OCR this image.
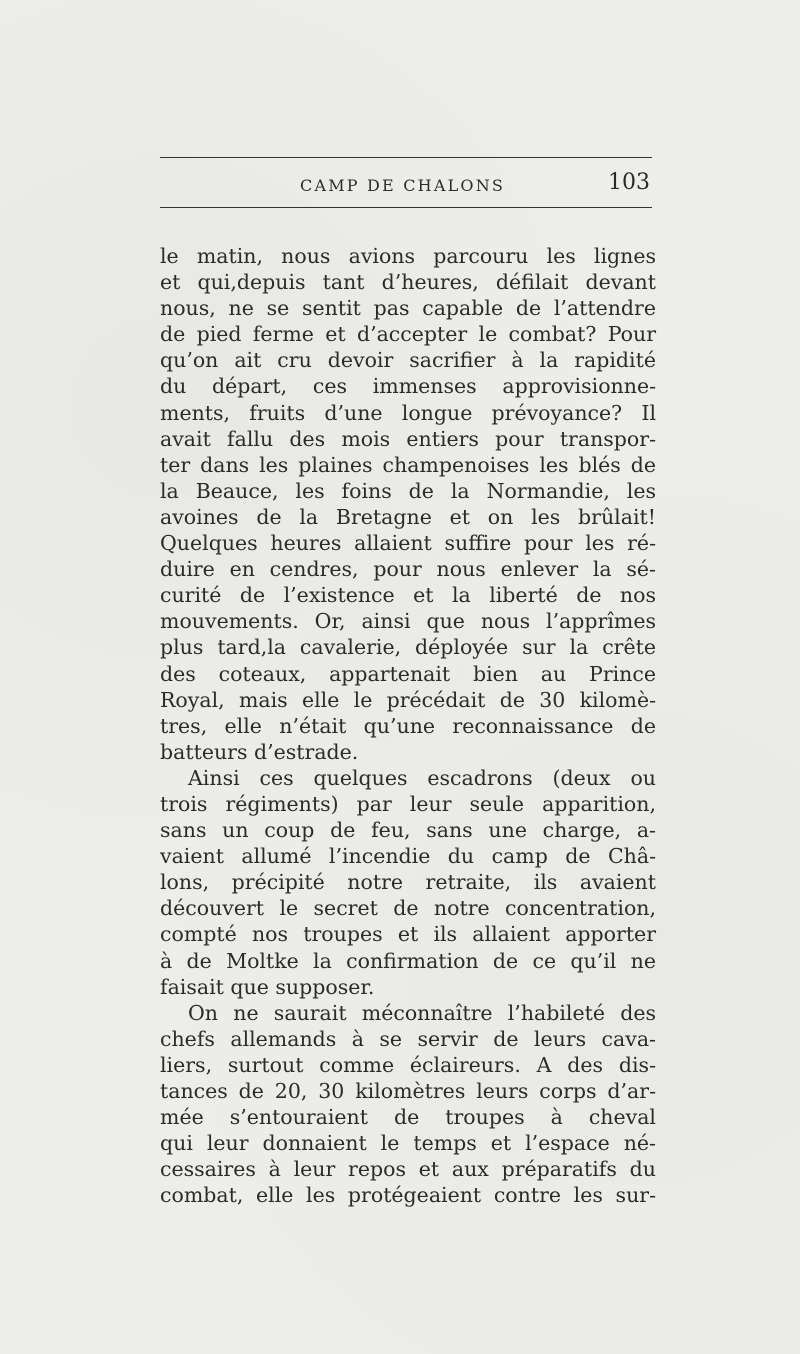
CAMP DE CHALONS	103
le matin, nous avions parcouru les lignes
et qui,depuis tant d’heures, défilait devant
nous, ne se sentit pas capable de l’attendre
de pied ferme et d’accepter le combat? Pour
qu’on ait cru devoir sacrifier à la rapidité
du départ, ces immenses approvisionne-
ments, fruits d’une longue prévoyance? Il
avait fallu des mois entiers pour transpor-
ter dans les plaines champenoises les blés de
la Beauce, les foins de la Normandie, les
avoines de la Bretagne et on les brûlait!
Quelques heures allaient suffire pour les ré-
duire en cendres, pour nous enlever la sé-
curité de l’existence et la liberté de nos
mouvements. Or, ainsi que nous l’apprîmes
plus tard,la cavalerie, déployée sur la crête
des coteaux, appartenait bien au Prince
Royal, mais elle le précédait de 30 kilomè-
tres, elle n’était qu’une reconnaissance de
batteurs d’estrade.
Ainsi ces quelques escadrons (deux ou
trois régiments) par leur seule apparition,
sans un coup de feu, sans une charge, a-
vaient allumé l’incendie du camp de Châ-
lons, précipité notre retraite, ils avaient
découvert le secret de notre concentration,
compté nos troupes et ils allaient apporter
à de Moltke la confirmation de ce qu’il ne
faisait que supposer.
On ne saurait méconnaître l’habileté des
chefs allemands à se servir de leurs cava-
liers, surtout comme éclaireurs. A des dis-
tances de 20, 30 kilomètres leurs corps d’ar-
mée s’entouraient de troupes à cheval
qui leur donnaient le temps et l’espace né-
cessaires à leur repos et aux préparatifs du
combat, elle les protégeaient contre les sur-
